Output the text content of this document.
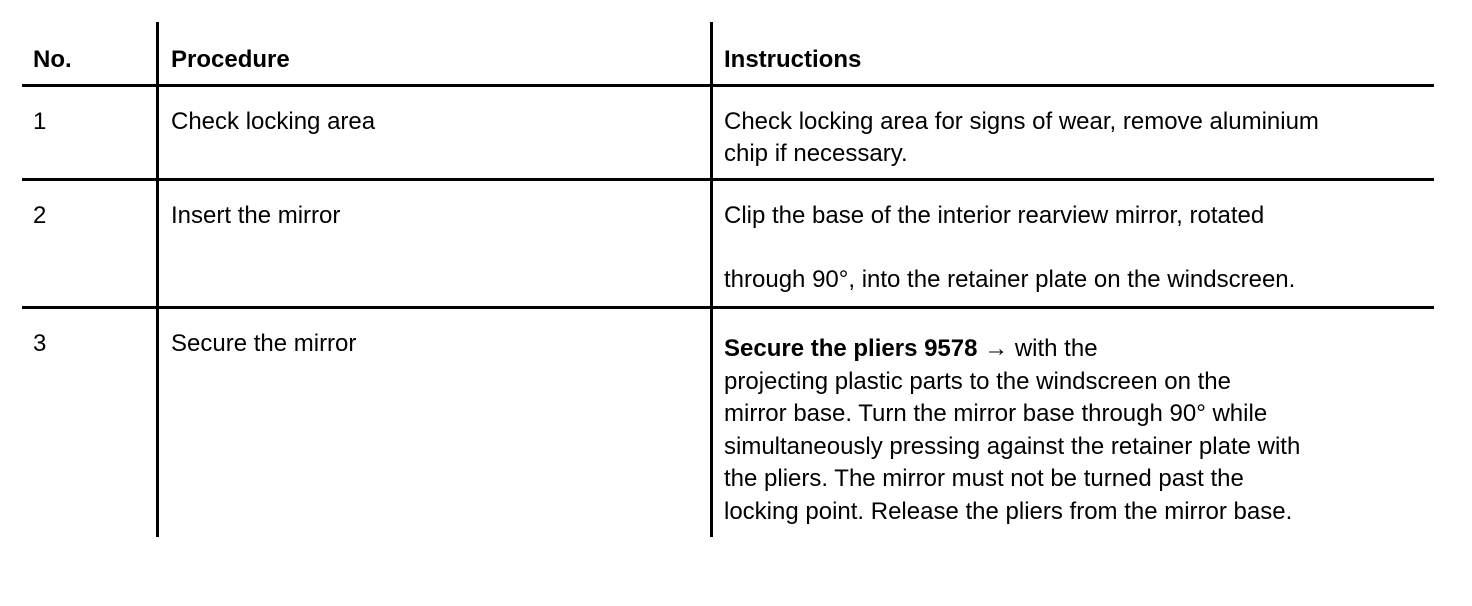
No.	Procedure	Instructions
1	Check locking area	Check locking area for signs of wear, remove aluminium
chip if necessary.
2	Insert the mirror	Clip the base of the interior rearview mirror, rotated
through 90°, into the retainer plate on the windscreen.
3	Secure the mirror	Secure the pliers 9578 → with the
projecting plastic parts to the windscreen on the
mirror base. Turn the mirror base through 90° while
simultaneously pressing against the retainer plate with
the pliers. The mirror must not be turned past the
locking point. Release the pliers from the mirror base.
